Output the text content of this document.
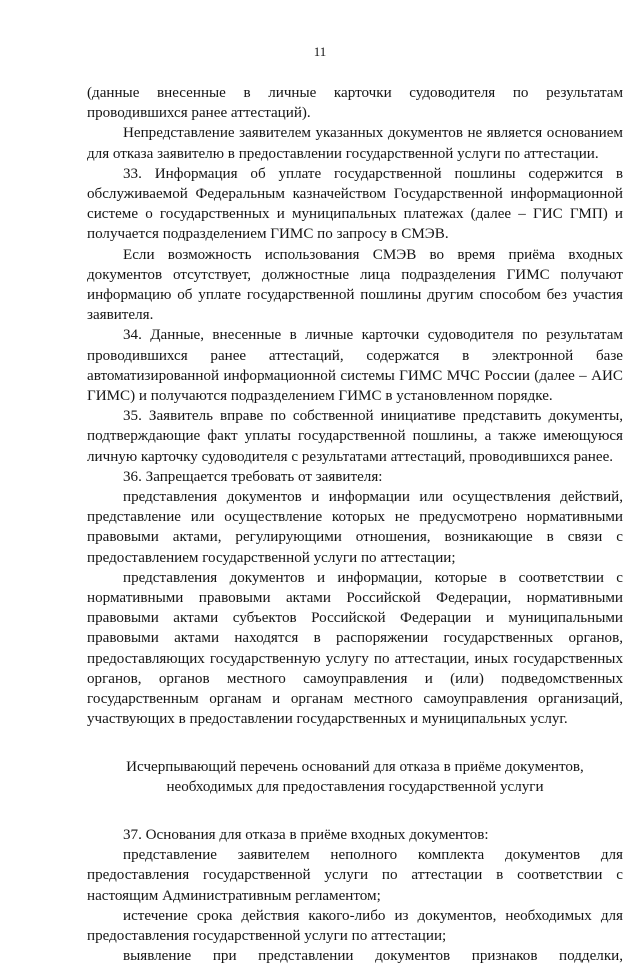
11

(данные внесенные в личные карточки судоводителя по результатам проводившихся ранее аттестаций).

Непредставление заявителем указанных документов не является основанием для отказа заявителю в предоставлении государственной услуги по аттестации.

33. Информация об уплате государственной пошлины содержится в обслуживаемой Федеральным казначейством Государственной информационной системе о государственных и муниципальных платежах (далее – ГИС ГМП) и получается подразделением ГИМС по запросу в СМЭВ.

Если возможность использования СМЭВ во время приёма входных документов отсутствует, должностные лица подразделения ГИМС получают информацию об уплате государственной пошлины другим способом без участия заявителя.

34. Данные, внесенные в личные карточки судоводителя по результатам проводившихся ранее аттестаций, содержатся в электронной базе автоматизированной информационной системы ГИМС МЧС России (далее – АИС ГИМС) и получаются подразделением ГИМС в установленном порядке.

35. Заявитель вправе по собственной инициативе представить документы, подтверждающие факт уплаты государственной пошлины, а также имеющуюся личную карточку судоводителя с результатами аттестаций, проводившихся ранее.

36. Запрещается требовать от заявителя:

представления документов и информации или осуществления действий, представление или осуществление которых не предусмотрено нормативными правовыми актами, регулирующими отношения, возникающие в связи с предоставлением государственной услуги по аттестации;

представления документов и информации, которые в соответствии с нормативными правовыми актами Российской Федерации, нормативными правовыми актами субъектов Российской Федерации и муниципальными правовыми актами находятся в распоряжении государственных органов, предоставляющих государственную услугу по аттестации, иных государственных органов, органов местного самоуправления и (или) подведомственных государственным органам и органам местного самоуправления организаций, участвующих в предоставлении государственных и муниципальных услуг.

Исчерпывающий перечень оснований для отказа в приёме документов,
необходимых для предоставления государственной услуги

37. Основания для отказа в приёме входных документов:

представление заявителем неполного комплекта документов для предоставления государственной услуги по аттестации в соответствии с настоящим Административным регламентом;

истечение срока действия какого-либо из документов, необходимых для предоставления государственной услуги по аттестации;

выявление при представлении документов признаков подделки,
